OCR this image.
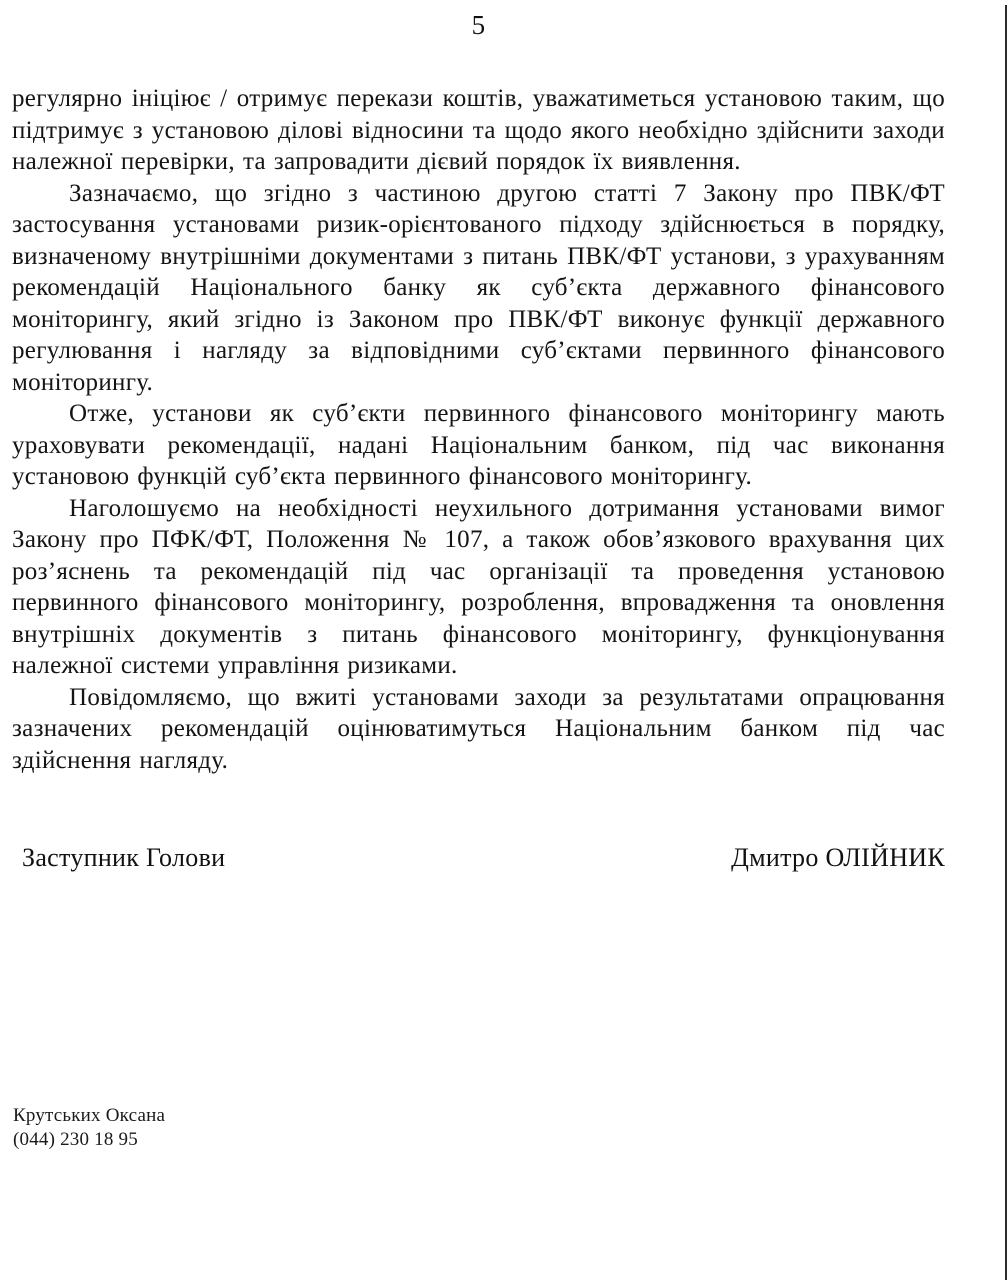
5

регулярно ініціює / отримує перекази коштів, уважатиметься установою таким, що підтримує з установою ділові відносини та щодо якого необхідно здійснити заходи належної перевірки, та запровадити дієвий порядок їх виявлення.

Зазначаємо, що згідно з частиною другою статті 7 Закону про ПВК/ФТ застосування установами ризик-орієнтованого підходу здійснюється в порядку, визначеному внутрішніми документами з питань ПВК/ФТ установи, з урахуванням рекомендацій Національного банку як суб’єкта державного фінансового моніторингу, який згідно із Законом про ПВК/ФТ виконує функції державного регулювання і нагляду за відповідними суб’єктами первинного фінансового моніторингу.

Отже, установи як суб’єкти первинного фінансового моніторингу мають ураховувати рекомендації, надані Національним банком, під час виконання установою функцій суб’єкта первинного фінансового моніторингу.

Наголошуємо на необхідності неухильного дотримання установами вимог Закону про ПФК/ФТ, Положення № 107, а також обов’язкового врахування цих роз’яснень та рекомендацій під час організації та проведення установою первинного фінансового моніторингу, розроблення, впровадження та оновлення внутрішніх документів з питань фінансового моніторингу, функціонування належної системи управління ризиками.

Повідомляємо, що вжиті установами заходи за результатами опрацювання зазначених рекомендацій оцінюватимуться Національним банком під час здійснення нагляду.

Заступник Голови	Дмитро ОЛІЙНИК
Крутських Оксана
(044) 230 18 95
